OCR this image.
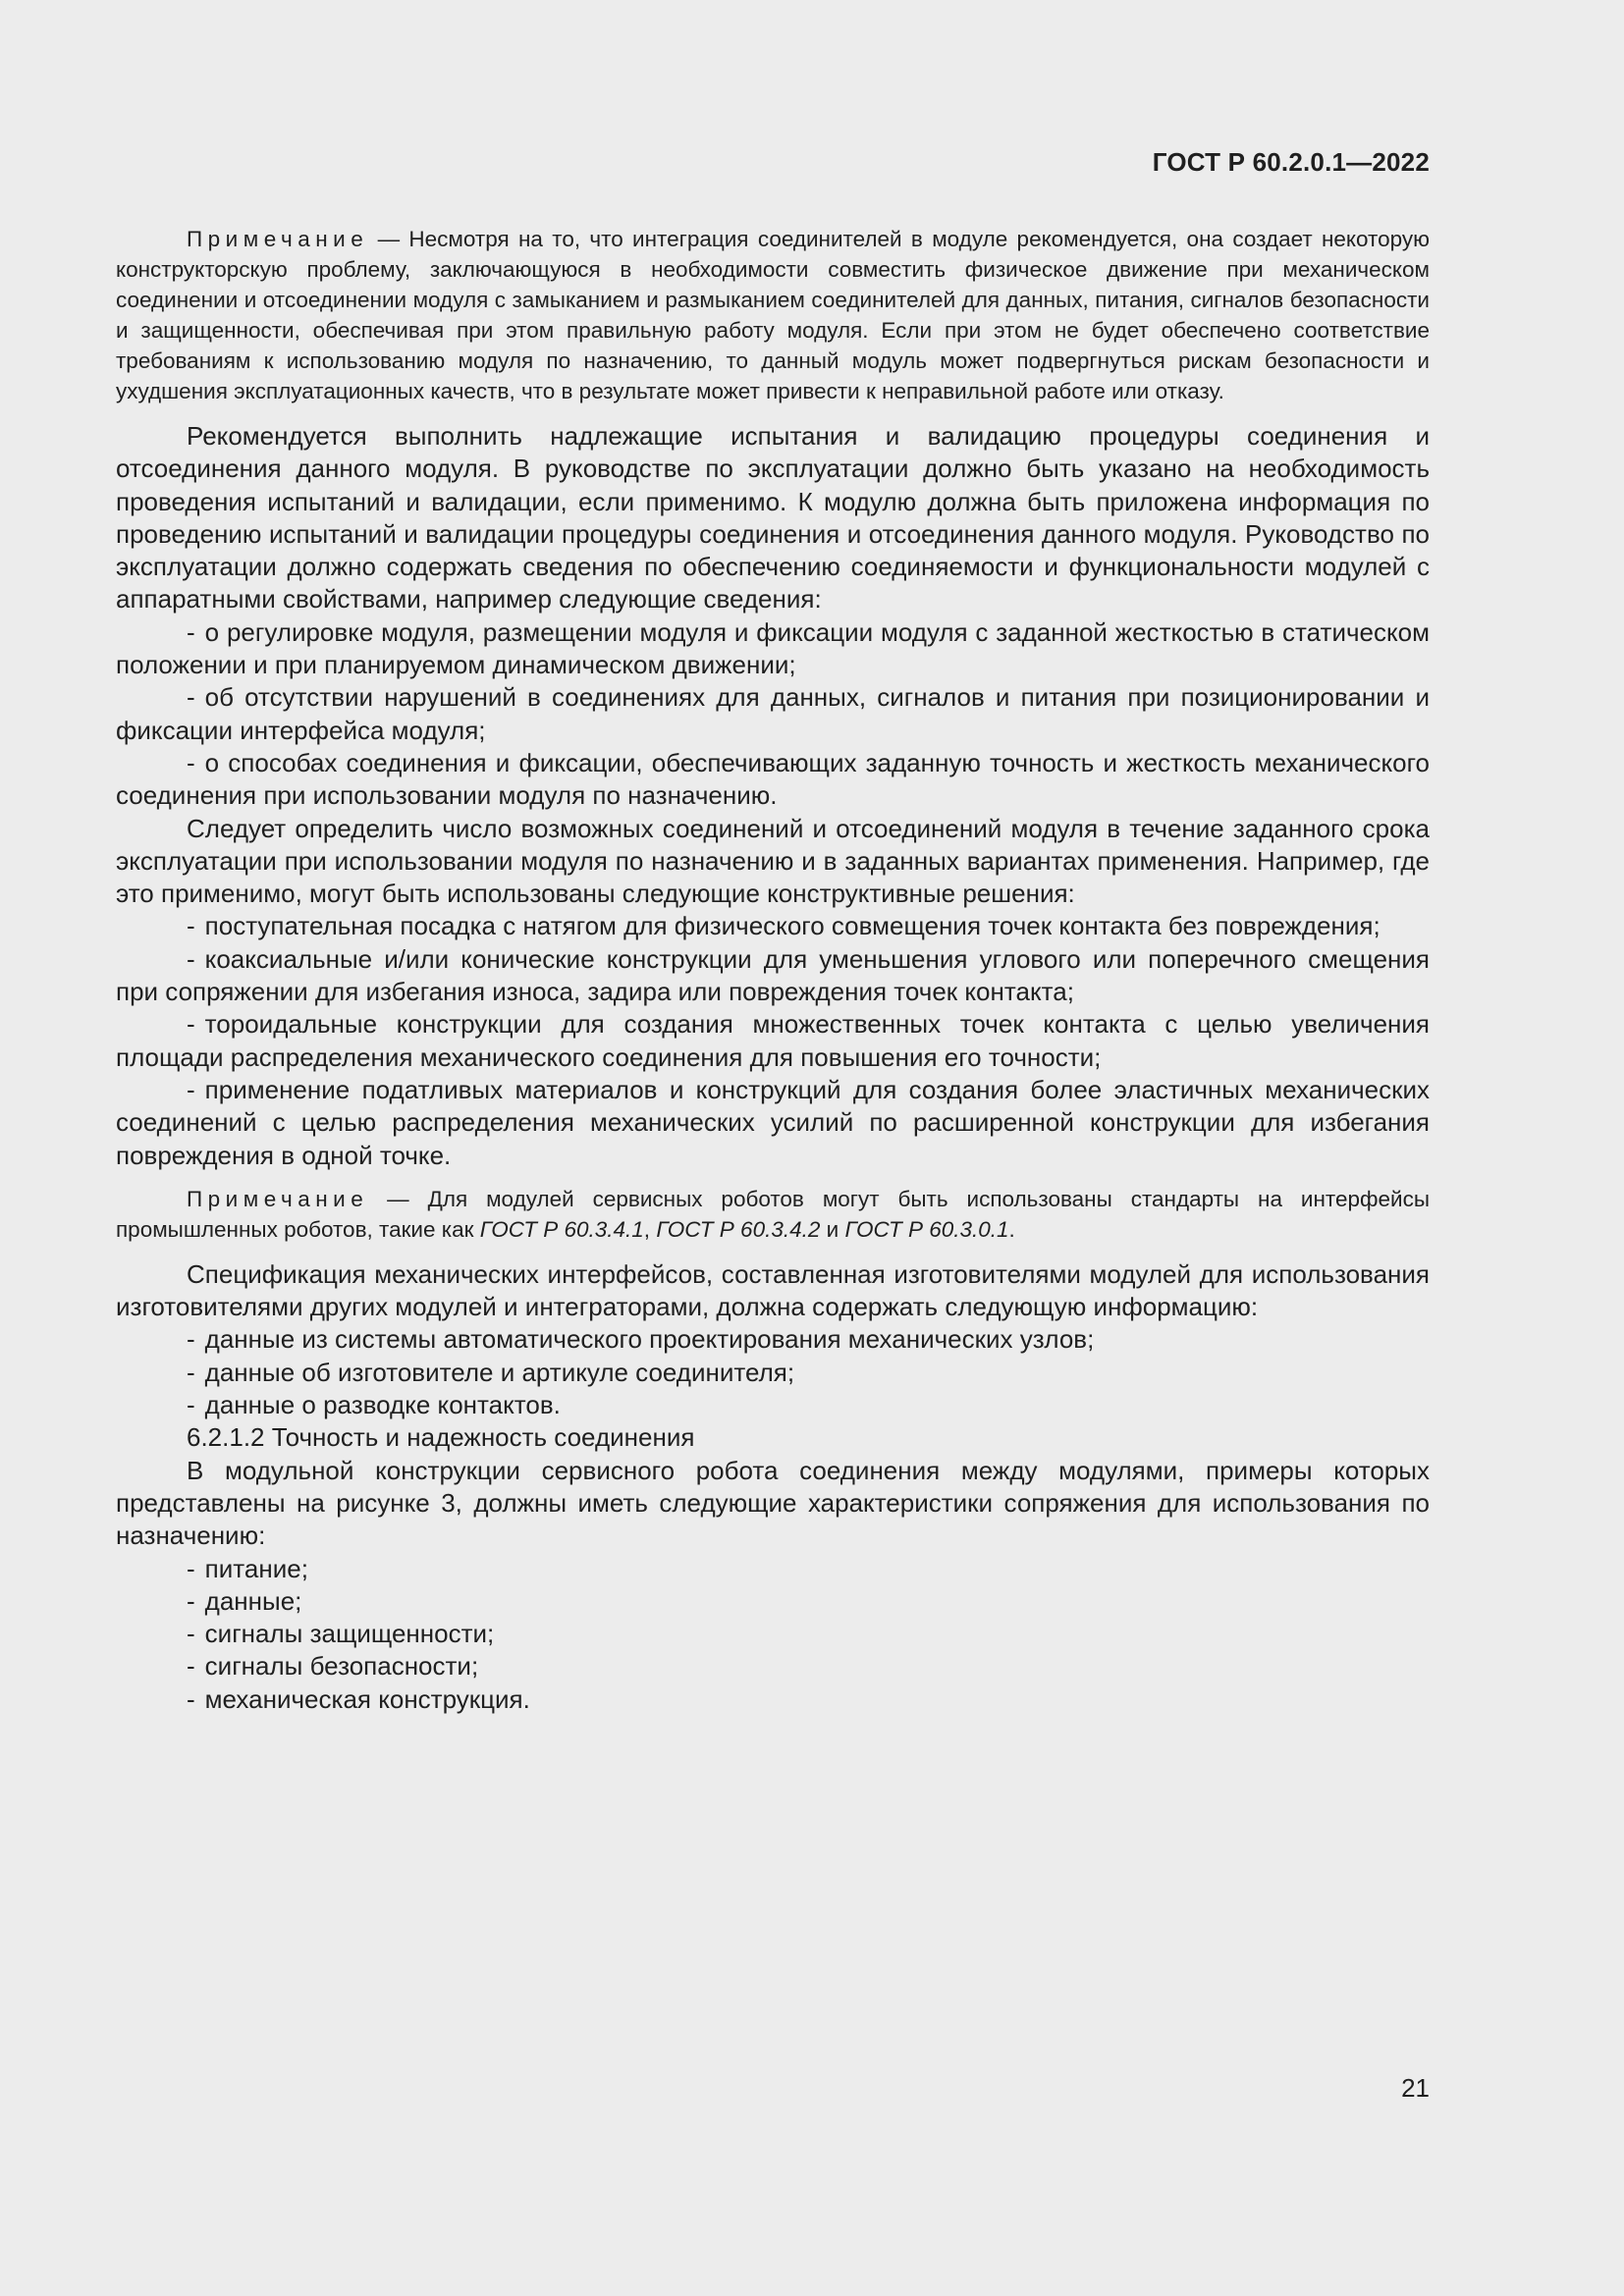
ГОСТ Р 60.2.0.1—2022

Примечание — Несмотря на то, что интеграция соединителей в модуле рекомендуется, она создает некоторую конструкторскую проблему, заключающуюся в необходимости совместить физическое движение при механическом соединении и отсоединении модуля с замыканием и размыканием соединителей для данных, питания, сигналов безопасности и защищенности, обеспечивая при этом правильную работу модуля. Если при этом не будет обеспечено соответствие требованиям к использованию модуля по назначению, то данный модуль может подвергнуться рискам безопасности и ухудшения эксплуатационных качеств, что в результате может привести к неправильной работе или отказу.

Рекомендуется выполнить надлежащие испытания и валидацию процедуры соединения и отсоединения данного модуля. В руководстве по эксплуатации должно быть указано на необходимость проведения испытаний и валидации, если применимо. К модулю должна быть приложена информация по проведению испытаний и валидации процедуры соединения и отсоединения данного модуля. Руководство по эксплуатации должно содержать сведения по обеспечению соединяемости и функциональности модулей с аппаратными свойствами, например следующие сведения:

- о регулировке модуля, размещении модуля и фиксации модуля с заданной жесткостью в статическом положении и при планируемом динамическом движении;

- об отсутствии нарушений в соединениях для данных, сигналов и питания при позиционировании и фиксации интерфейса модуля;

- о способах соединения и фиксации, обеспечивающих заданную точность и жесткость механического соединения при использовании модуля по назначению.

Следует определить число возможных соединений и отсоединений модуля в течение заданного срока эксплуатации при использовании модуля по назначению и в заданных вариантах применения. Например, где это применимо, могут быть использованы следующие конструктивные решения:

- поступательная посадка с натягом для физического совмещения точек контакта без повреждения;

- коаксиальные и/или конические конструкции для уменьшения углового или поперечного смещения при сопряжении для избегания износа, задира или повреждения точек контакта;

- тороидальные конструкции для создания множественных точек контакта с целью увеличения площади распределения механического соединения для повышения его точности;

- применение податливых материалов и конструкций для создания более эластичных механических соединений с целью распределения механических усилий по расширенной конструкции для избегания повреждения в одной точке.

Примечание — Для модулей сервисных роботов могут быть использованы стандарты на интерфейсы промышленных роботов, такие как ГОСТ Р 60.3.4.1, ГОСТ Р 60.3.4.2 и ГОСТ Р 60.3.0.1.

Спецификация механических интерфейсов, составленная изготовителями модулей для использования изготовителями других модулей и интеграторами, должна содержать следующую информацию:

- данные из системы автоматического проектирования механических узлов;

- данные об изготовителе и артикуле соединителя;

- данные о разводке контактов.

6.2.1.2 Точность и надежность соединения

В модульной конструкции сервисного робота соединения между модулями, примеры которых представлены на рисунке 3, должны иметь следующие характеристики сопряжения для использования по назначению:

- питание;

- данные;

- сигналы защищенности;

- сигналы безопасности;

- механическая конструкция.

21
